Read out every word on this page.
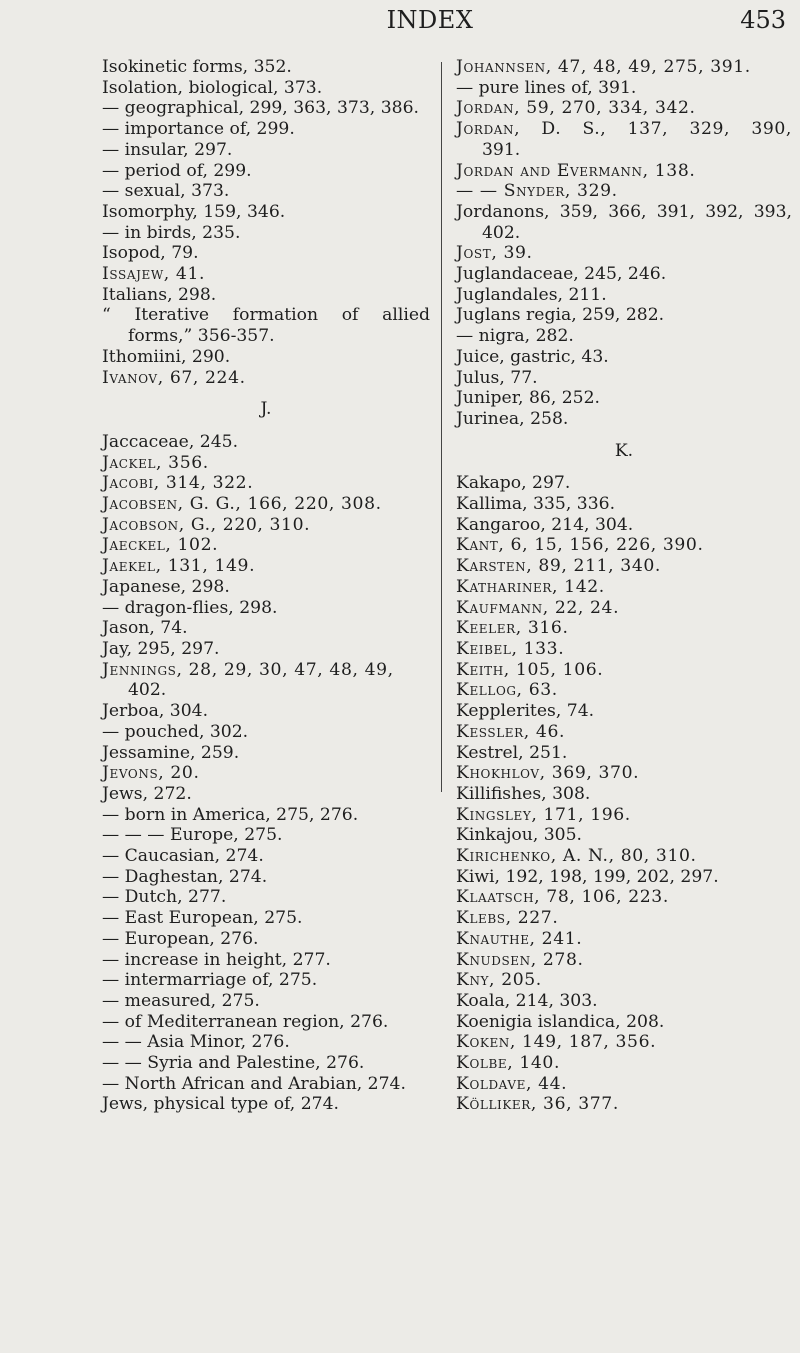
INDEX	453
Isokinetic forms, 352.
Isolation, biological, 373.
— geographical, 299, 363, 373, 386.
— importance of, 299.
— insular, 297.
— period of, 299.
— sexual, 373.
Isomorphy, 159, 346.
— in birds, 235.
Isopod, 79.
Issajew, 41.
Italians, 298.
“ Iterative formation of allied
forms,” 356-357.
Ithomiini, 290.
Ivanov, 67, 224.
J.
Jaccaceae, 245.
Jackel, 356.
Jacobi, 314, 322.
Jacobsen, G. G., 166, 220, 308.
Jacobson, G., 220, 310.
Jaeckel, 102.
Jaekel, 131, 149.
Japanese, 298.
— dragon-flies, 298.
Jason, 74.
Jay, 295, 297.
Jennings, 28, 29, 30, 47, 48, 49,
402.
Jerboa, 304.
— pouched, 302.
Jessamine, 259.
Jevons, 20.
Jews, 272.
— born in America, 275, 276.
— — — Europe, 275.
— Caucasian, 274.
— Daghestan, 274.
— Dutch, 277.
— East European, 275.
— European, 276.
— increase in height, 277.
— intermarriage of, 275.
— measured, 275.
— of Mediterranean region, 276.
— — Asia Minor, 276.
— — Syria and Palestine, 276.
— North African and Arabian, 274.
Jews, physical type of, 274.
Johannsen, 47, 48, 49, 275, 391.
— pure lines of, 391.
Jordan, 59, 270, 334, 342.
Jordan, D. S., 137, 329, 390,
391.
Jordan and Evermann, 138.
— — Snyder, 329.
Jordanons, 359, 366, 391, 392, 393,
402.
Jost, 39.
Juglandaceae, 245, 246.
Juglandales, 211.
Juglans regia, 259, 282.
— nigra, 282.
Juice, gastric, 43.
Julus, 77.
Juniper, 86, 252.
Jurinea, 258.
K.
Kakapo, 297.
Kallima, 335, 336.
Kangaroo, 214, 304.
Kant, 6, 15, 156, 226, 390.
Karsten, 89, 211, 340.
Kathariner, 142.
Kaufmann, 22, 24.
Keeler, 316.
Keibel, 133.
Keith, 105, 106.
Kellog, 63.
Kepplerites, 74.
Kessler, 46.
Kestrel, 251.
Khokhlov, 369, 370.
Killifishes, 308.
Kingsley, 171, 196.
Kinkajou, 305.
Kirichenko, A. N., 80, 310.
Kiwi, 192, 198, 199, 202, 297.
Klaatsch, 78, 106, 223.
Klebs, 227.
Knauthe, 241.
Knudsen, 278.
Kny, 205.
Koala, 214, 303.
Koenigia islandica, 208.
Koken, 149, 187, 356.
Kolbe, 140.
Koldave, 44.
Kölliker, 36, 377.
